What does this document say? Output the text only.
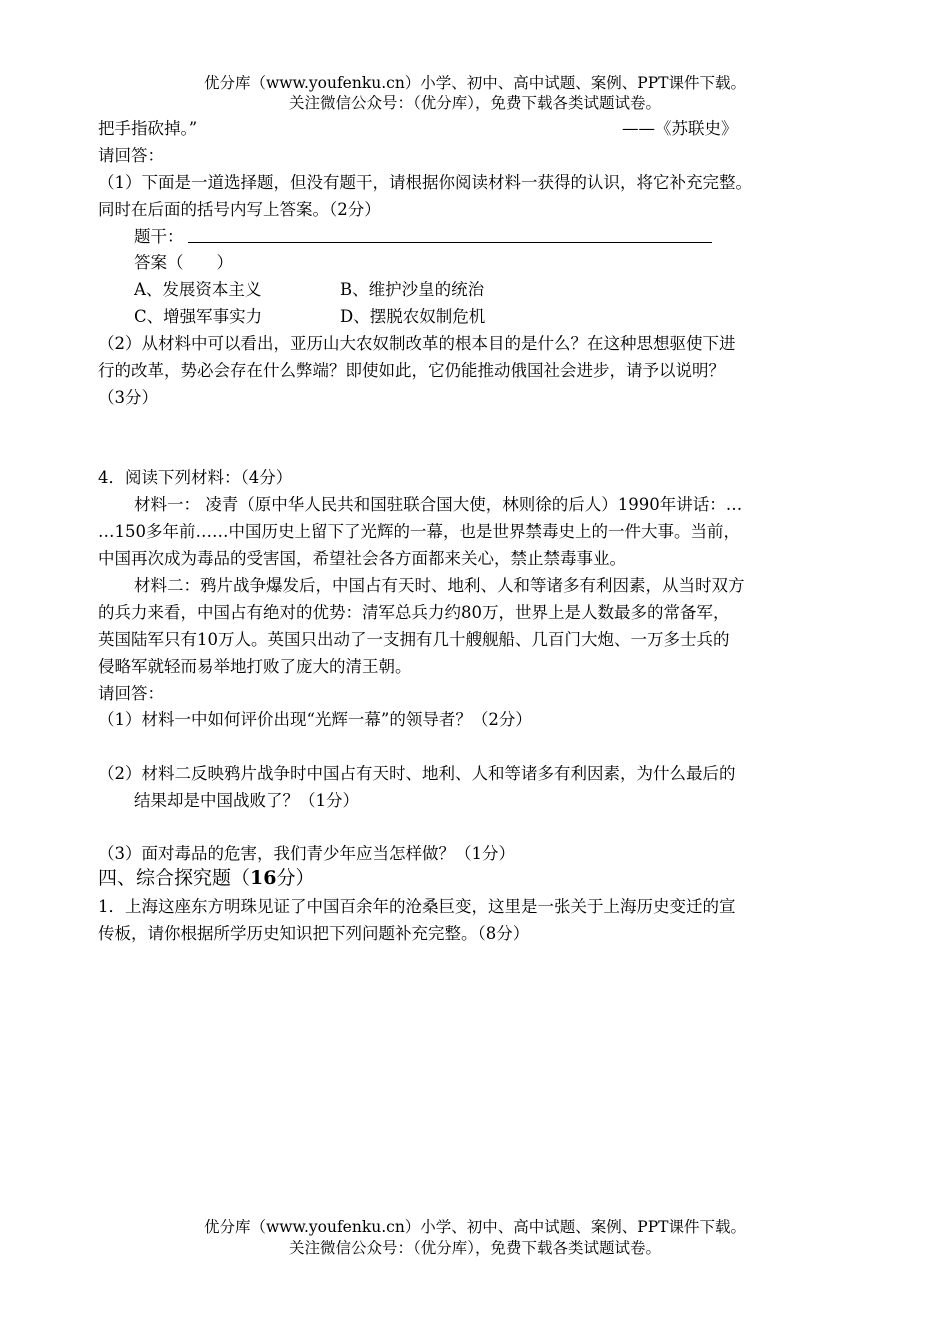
优分库（www.youfenku.cn）小学、初中、高中试题、案例、PPT课件下载。
关注微信公众号：（优分库），免费下载各类试题试卷。
把手指砍掉。”	——《苏联史》
请回答：
（1）下面是一道选择题，但没有题干，请根据你阅读材料一获得的认识，将它补充完整。
同时在后面的括号内写上答案。（2分）
题干：
答案（　　）
A、发展资本主义	B、维护沙皇的统治
C、增强军事实力	D、摆脱农奴制危机
（2）从材料中可以看出，亚历山大农奴制改革的根本目的是什么？在这种思想驱使下进
行的改革，势必会存在什么弊端？即使如此，它仍能推动俄国社会进步，请予以说明？
（3分）
4．阅读下列材料：（4分）
材料一： 凌青（原中华人民共和国驻联合国大使，林则徐的后人）1990年讲话：…
…150多年前……中国历史上留下了光辉的一幕，也是世界禁毒史上的一件大事。当前，
中国再次成为毒品的受害国，希望社会各方面都来关心，禁止禁毒事业。
材料二：鸦片战争爆发后，中国占有天时、地利、人和等诸多有利因素，从当时双方
的兵力来看，中国占有绝对的优势：清军总兵力约80万，世界上是人数最多的常备军，
英国陆军只有10万人。英国只出动了一支拥有几十艘舰船、几百门大炮、一万多士兵的
侵略军就轻而易举地打败了庞大的清王朝。
请回答：
（1）材料一中如何评价出现“光辉一幕”的领导者？（2分）
（2）材料二反映鸦片战争时中国占有天时、地利、人和等诸多有利因素，为什么最后的
结果却是中国战败了？（1分）
（3）面对毒品的危害，我们青少年应当怎样做？（1分）
四、综合探究题（16分）
1．上海这座东方明珠见证了中国百余年的沧桑巨变，这里是一张关于上海历史变迁的宣
传板，请你根据所学历史知识把下列问题补充完整。（8分）
优分库（www.youfenku.cn）小学、初中、高中试题、案例、PPT课件下载。
关注微信公众号：（优分库），免费下载各类试题试卷。
